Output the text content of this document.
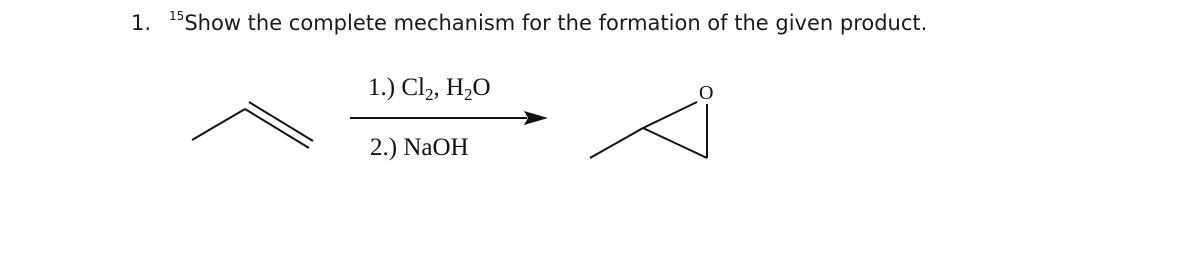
1. $^{15}$Show the complete mechanism for the formation of the given product.
1.) $Cl_2$, $H_2O$
2.) NaOH
O
